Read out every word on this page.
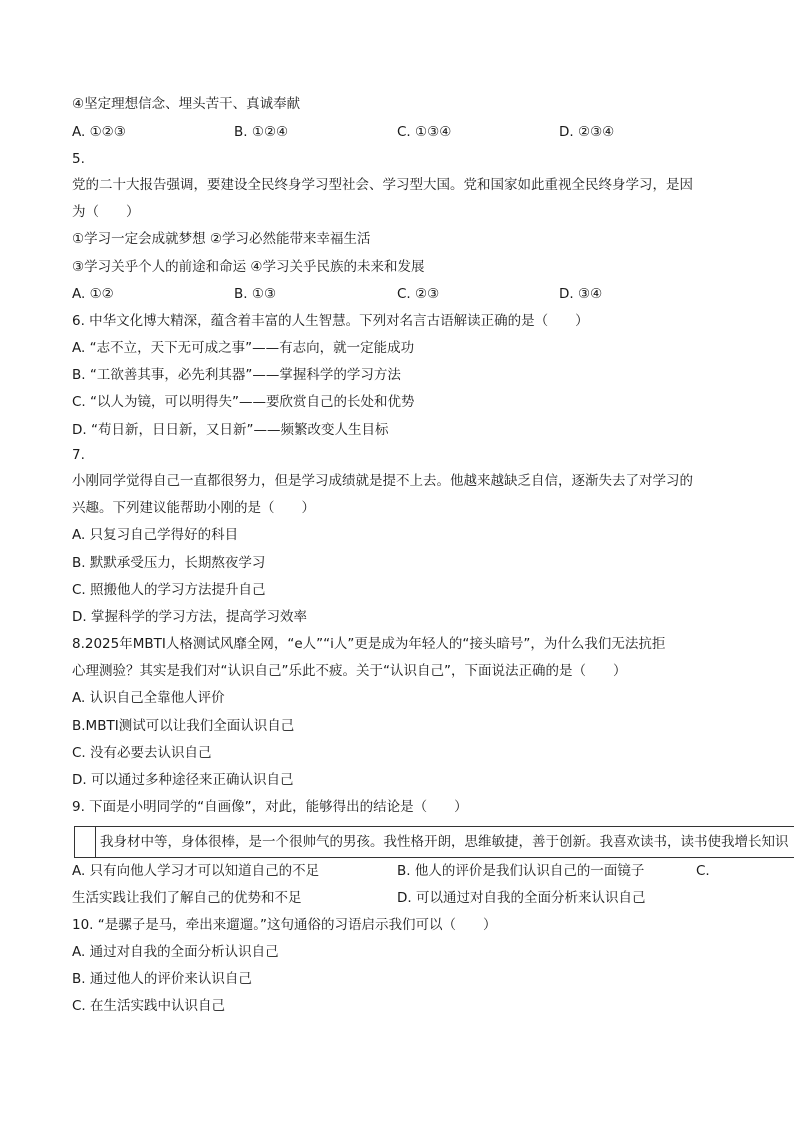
④坚定理想信念、埋头苦干、真诚奉献
A. ①②③	B. ①②④	C. ①③④	D. ②③④
5.
党的二十大报告强调，要建设全民终身学习型社会、学习型大国。党和国家如此重视全民终身学习，是因
为（　　）
①学习一定会成就梦想 ②学习必然能带来幸福生活
③学习关乎个人的前途和命运 ④学习关乎民族的未来和发展
A. ①②	B. ①③	C. ②③	D. ③④
6. 中华文化博大精深，蕴含着丰富的人生智慧。下列对名言古语解读正确的是（　　）
A. “志不立，天下无可成之事”——有志向，就一定能成功
B. “工欲善其事，必先利其器”——掌握科学的学习方法
C. “以人为镜，可以明得失”——要欣赏自己的长处和优势
D. “苟日新，日日新，又日新”——频繁改变人生目标
7.
小刚同学觉得自己一直都很努力，但是学习成绩就是提不上去。他越来越缺乏自信，逐渐失去了对学习的
兴趣。下列建议能帮助小刚的是（　　）
A. 只复习自己学得好的科目
B. 默默承受压力，长期熬夜学习
C. 照搬他人的学习方法提升自己
D. 掌握科学的学习方法，提高学习效率
8.2025年MBTI人格测试风靡全网，“e人”“i人”更是成为年轻人的“接头暗号”，为什么我们无法抗拒
心理测验？其实是我们对“认识自己”乐此不疲。关于“认识自己”，下面说法正确的是（　　）
A. 认识自己全靠他人评价
B.MBTI测试可以让我们全面认识自己
C. 没有必要去认识自己
D. 可以通过多种途径来正确认识自己
9. 下面是小明同学的“自画像”，对此，能够得出的结论是（　　）
我身材中等，身体很棒，是一个很帅气的男孩。我性格开朗，思维敏捷，善于创新。我喜欢读书，读书使我增长知识
A. 只有向他人学习才可以知道自己的不足	B. 他人的评价是我们认识自己的一面镜子	C.
生活实践让我们了解自己的优势和不足	D. 可以通过对自我的全面分析来认识自己
10. “是骡子是马，牵出来遛遛。”这句通俗的习语启示我们可以（　　）
A. 通过对自我的全面分析认识自己
B. 通过他人的评价来认识自己
C. 在生活实践中认识自己
